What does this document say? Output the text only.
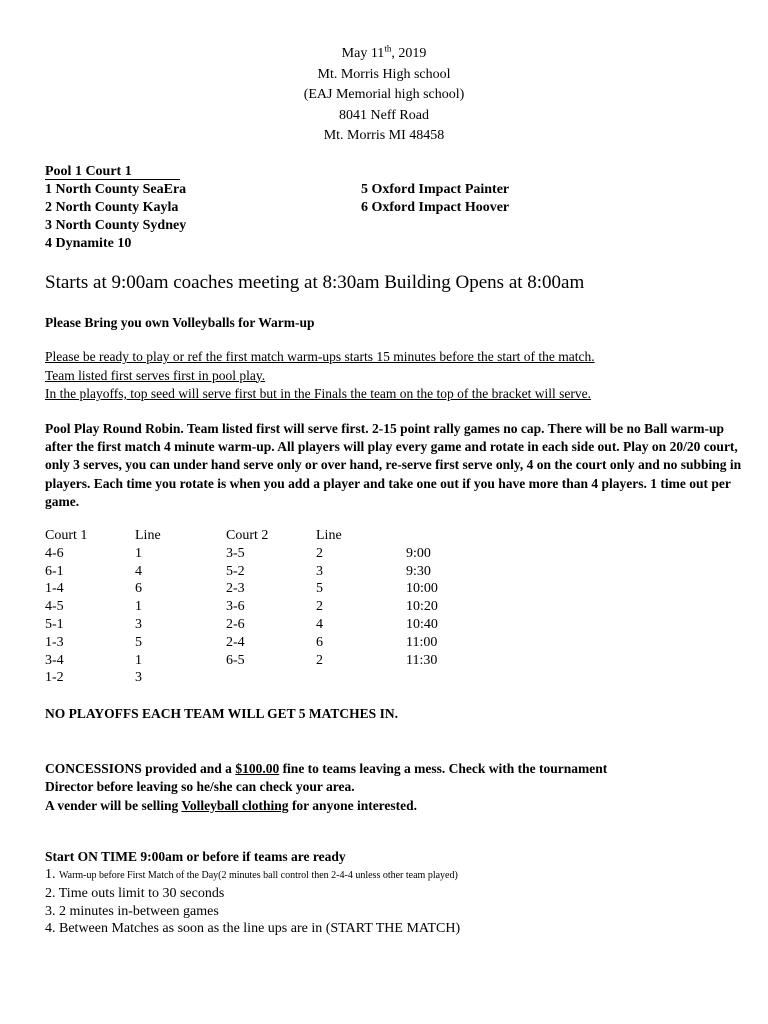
May 11th, 2019
Mt. Morris High school
(EAJ Memorial high school)
8041 Neff Road
Mt. Morris MI 48458
Pool 1 Court 1
1 North County SeaEra
2 North County Kayla
3 North County Sydney
4 Dynamite 10
5 Oxford Impact Painter
6 Oxford Impact Hoover
Starts at 9:00am coaches meeting at 8:30am Building Opens at 8:00am
Please Bring you own Volleyballs for Warm-up
Please be ready to play or ref the first match warm-ups starts 15 minutes before the start of the match.
Team listed first serves first in pool play.
In the playoffs, top seed will serve first but in the Finals the team on the top of the bracket will serve.
Pool Play Round Robin. Team listed first will serve first. 2-15 point rally games no cap. There will be no Ball warm-up after the first match 4 minute warm-up. All players will play every game and rotate in each side out. Play on 20/20 court, only 3 serves, you can under hand serve only or over hand, re-serve first serve only, 4 on the court only and no subbing in players. Each time you rotate is when you add a player and take one out if you have more than 4 players. 1 time out per game.
Court 1	Line	Court 2	Line
4-6	1	3-5	2	9:00
6-1	4	5-2	3	9:30
1-4	6	2-3	5	10:00
4-5	1	3-6	2	10:20
5-1	3	2-6	4	10:40
1-3	5	2-4	6	11:00
3-4	1	6-5	2	11:30
1-2	3
NO PLAYOFFS EACH TEAM WILL GET 5 MATCHES IN.
CONCESSIONS provided and a $100.00 fine to teams leaving a mess. Check with the tournament
Director before leaving so he/she can check your area.
A vender will be selling Volleyball clothing for anyone interested.
Start ON TIME 9:00am or before if teams are ready
1. Warm-up before First Match of the Day(2 minutes ball control then 2-4-4 unless other team played)
2. Time outs limit to 30 seconds
3. 2 minutes in-between games
4. Between Matches as soon as the line ups are in (START THE MATCH)
